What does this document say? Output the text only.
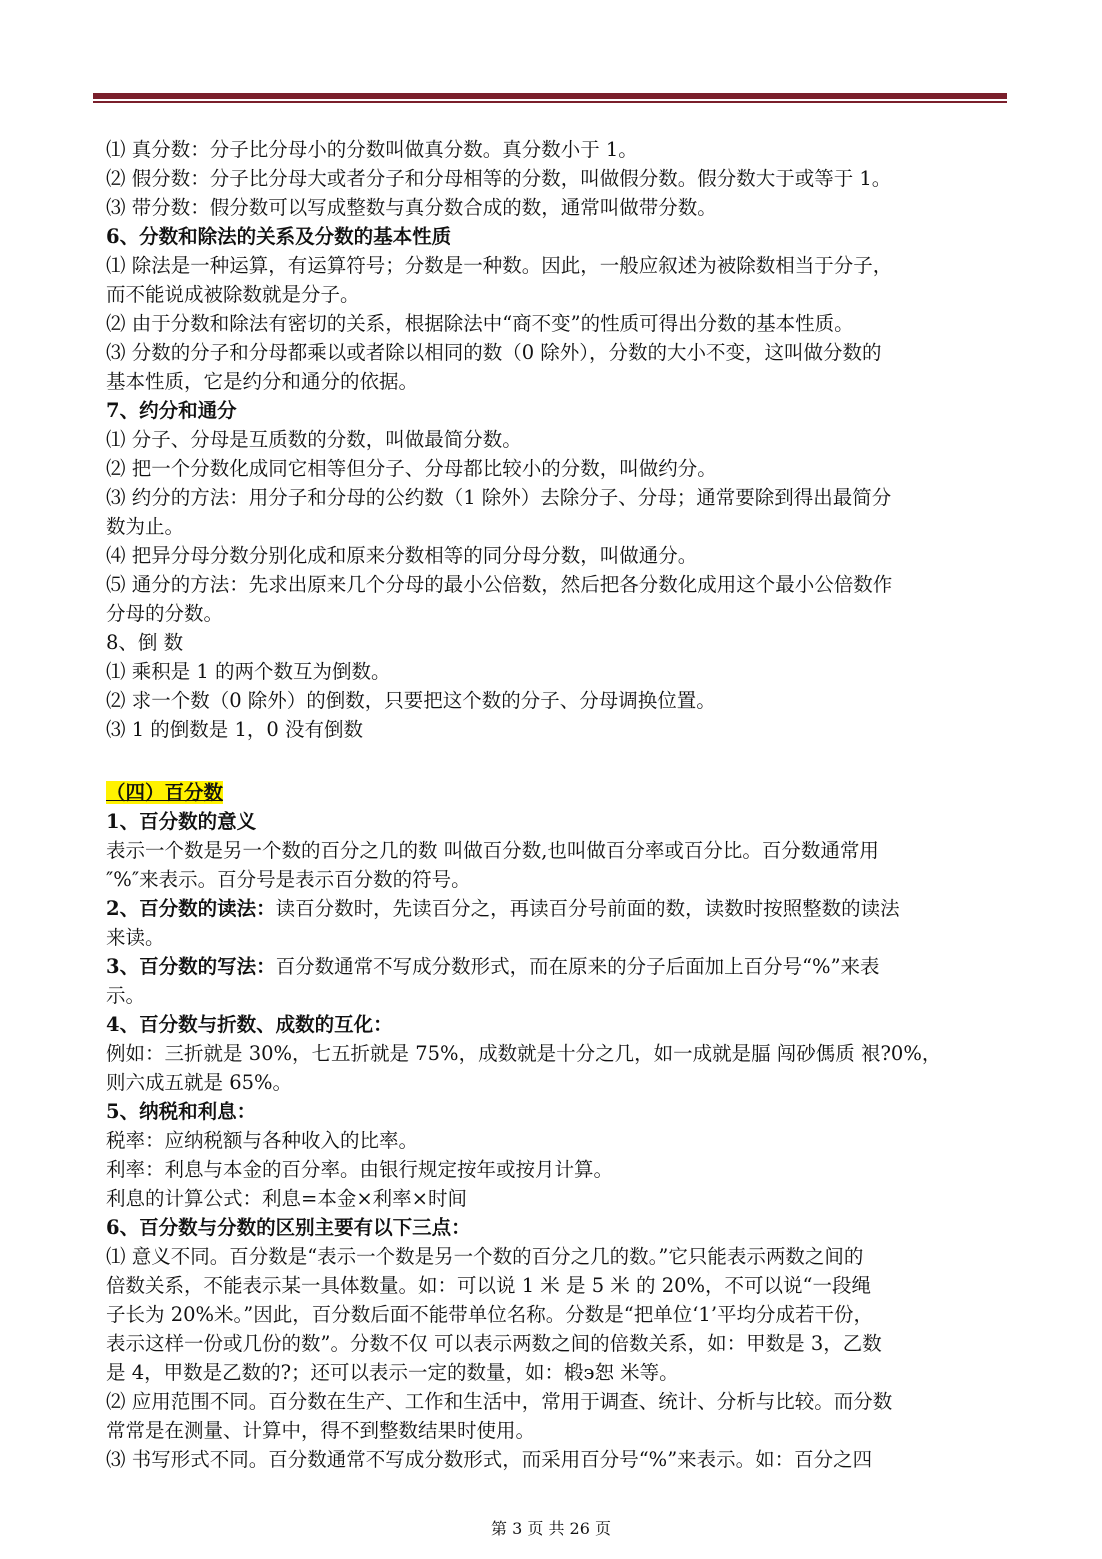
⑴ 真分数：分子比分母小的分数叫做真分数。真分数小于 1。
⑵ 假分数：分子比分母大或者分子和分母相等的分数，叫做假分数。假分数大于或等于 1。
⑶ 带分数：假分数可以写成整数与真分数合成的数，通常叫做带分数。
6、分数和除法的关系及分数的基本性质
⑴ 除法是一种运算，有运算符号；分数是一种数。因此，一般应叙述为被除数相当于分子，
而不能说成被除数就是分子。
⑵ 由于分数和除法有密切的关系，根据除法中“商不变”的性质可得出分数的基本性质。
⑶ 分数的分子和分母都乘以或者除以相同的数（0 除外），分数的大小不变，这叫做分数的
基本性质，它是约分和通分的依据。
7、约分和通分
⑴ 分子、分母是互质数的分数，叫做最简分数。
⑵ 把一个分数化成同它相等但分子、分母都比较小的分数，叫做约分。
⑶ 约分的方法：用分子和分母的公约数（1 除外）去除分子、分母；通常要除到得出最简分
数为止。
⑷ 把异分母分数分别化成和原来分数相等的同分母分数，叫做通分。
⑸ 通分的方法：先求出原来几个分母的最小公倍数，然后把各分数化成用这个最小公倍数作
分母的分数。
8、倒 数
⑴ 乘积是 1 的两个数互为倒数。
⑵ 求一个数（0 除外）的倒数，只要把这个数的分子、分母调换位置。
⑶ 1 的倒数是 1，0 没有倒数
（四）百分数
1、百分数的意义
表示一个数是另一个数的百分之几的数 叫做百分数,也叫做百分率或百分比。百分数通常用
″%″来表示。百分号是表示百分数的符号。
2、百分数的读法：读百分数时，先读百分之，再读百分号前面的数，读数时按照整数的读法
来读。
3、百分数的写法：百分数通常不写成分数形式，而在原来的分子后面加上百分号“%”来表
示。
4、百分数与折数、成数的互化：
例如：三折就是 30%，七五折就是 75%，成数就是十分之几，如一成就是腷 闯砂傌质 裉?0%，
则六成五就是 65%。
5、纳税和利息：
税率：应纳税额与各种收入的比率。
利率：利息与本金的百分率。由银行规定按年或按月计算。
利息的计算公式：利息=本金×利率×时间
6、百分数与分数的区别主要有以下三点：
⑴ 意义不同。百分数是“表示一个数是另一个数的百分之几的数。”它只能表示两数之间的
倍数关系，不能表示某一具体数量。如：可以说 1 米 是 5 米 的 20%，不可以说“一段绳
子长为 20%米。”因此，百分数后面不能带单位名称。分数是“把单位‘1’平均分成若干份，
表示这样一份或几份的数”。分数不仅 可以表示两数之间的倍数关系，如：甲数是 3，乙数
是 4，甲数是乙数的?；还可以表示一定的数量，如：椴϶恕 米等。
⑵ 应用范围不同。百分数在生产、工作和生活中，常用于调查、统计、分析与比较。而分数
常常是在测量、计算中，得不到整数结果时使用。
⑶ 书写形式不同。百分数通常不写成分数形式，而采用百分号“%”来表示。如：百分之四
第 3 页 共 26 页
